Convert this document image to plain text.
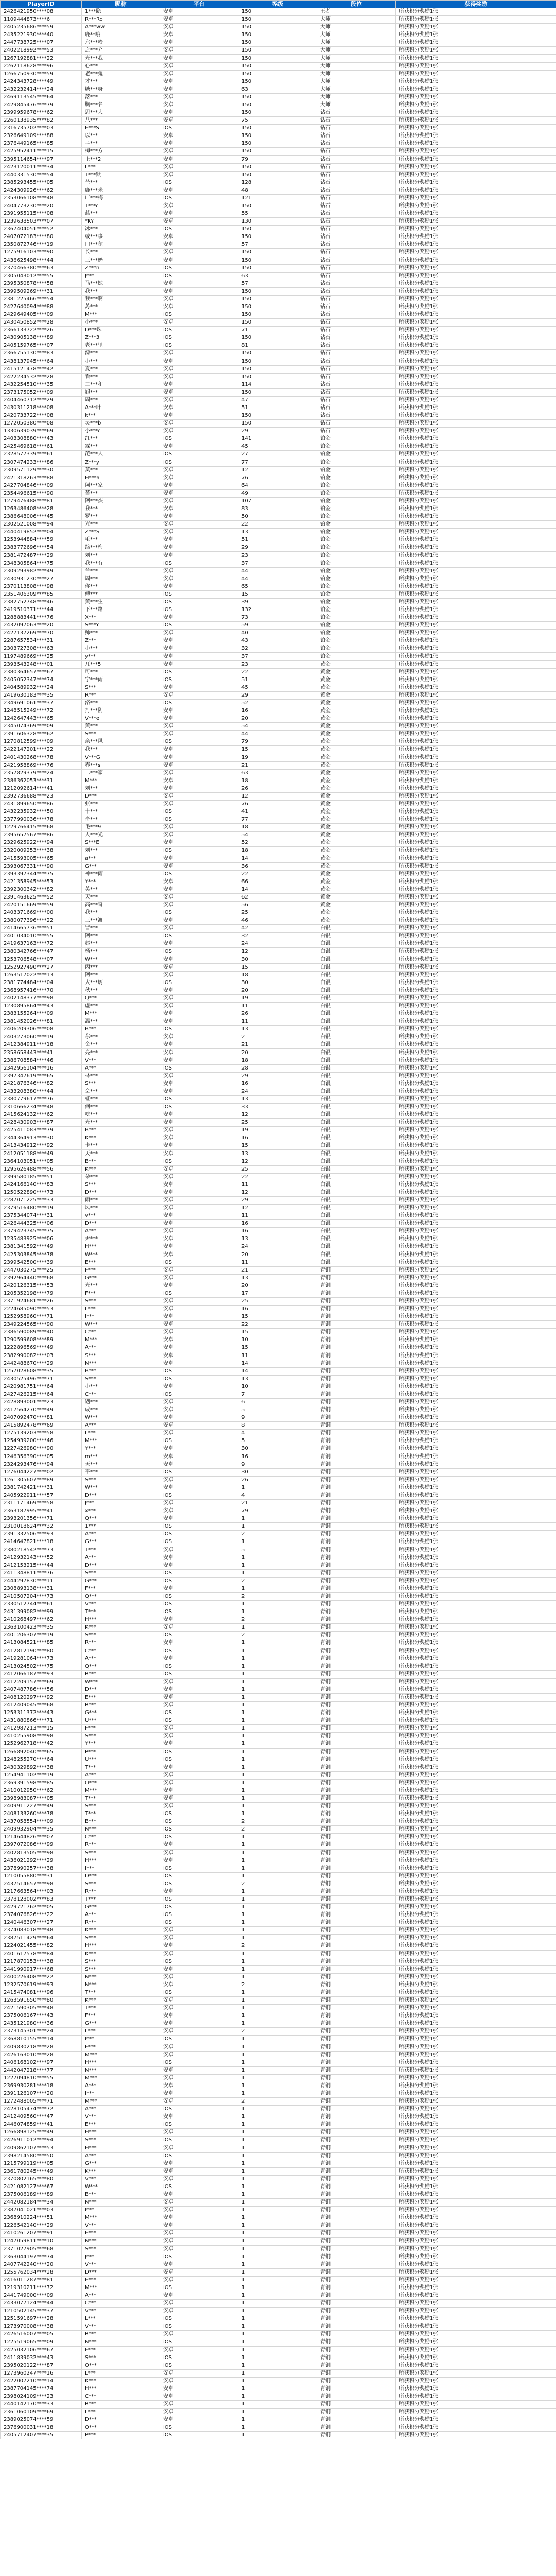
PlayerID	昵称	平台	等级	段位	获得奖励
2426421950****08	1***隐	安卓	150	王者	所获积分奖励1张
1109444873****6	R***Ro	安卓	150	大师	所获积分奖励1张
2405235686****59	A***ww	安卓	150	大师	所获积分奖励1张
2435221930****40	鹿**哦	安卓	150	大师	所获积分奖励1张
2447738725****07	六***哈	安卓	150	大师	所获积分奖励1张
2402218992****53	之***介	安卓	150	大师	所获积分奖励1张
1267192881****22	光***我	安卓	150	大师	所获积分奖励1张
2262118628****96	心***	安卓	150	大师	所获积分奖励1张
1266750930****59	老***兔	安卓	150	大师	所获积分奖励1张
2424343728****49	才***	安卓	150	大师	所获积分奖励1张
2432232414****24	糖***呀	安卓	63	大师	所获积分奖励1张
2469113545****64	落***	安卓	150	大师	所获积分奖励1张
2429845476****79	胸***名	安卓	150	大师	所获积分奖励1张
2399959678****62	思***大	安卓	150	钻石	所获积分奖励1张
2260138935****82	八***	安卓	75	钻石	所获积分奖励1张
2316735702****03	E***S	iOS	150	钻石	所获积分奖励1张
2326649109****88	以***	安卓	150	钻石	所获积分奖励1张
2376449165****85	ニ***	安卓	150	钻石	所获积分奖励1张
2425952411****15	梅***方	安卓	150	钻石	所获积分奖励1张
2395114654****97	上***2	安卓	79	钻石	所获积分奖励1张
2423120011****34	L***	安卓	150	钻石	所获积分奖励1张
2440331530****54	T***默	安卓	150	钻石	所获积分奖励1张
2385293455****05	芒***	iOS	128	钻石	所获积分奖励1张
2424309926****62	鹿***米	安卓	48	钻石	所获积分奖励1张
2353066108****48	广***梅	iOS	121	钻石	所获积分奖励1张
2404773230****20	T***c	安卓	150	钻石	所获积分奖励1张
2391955115****08	蓝***	安卓	55	钻石	所获积分奖励1张
1239638503****07	*KY	安卓	130	钻石	所获积分奖励1张
2367404051****52	冰***	iOS	150	钻石	所获积分奖励1张
2407072183****80	或***事	安卓	150	钻石	所获积分奖励1张
2350872746****19	口***尔	安卓	57	钻石	所获积分奖励1张
1275916103****90	长***	安卓	150	钻石	所获积分奖励1张
2436625498****44	三***奶	安卓	150	钻石	所获积分奖励1张
2370466380****63	Z***n	iOS	150	钻石	所获积分奖励1张
2305043012****55	J***	iOS	63	钻石	所获积分奖励1张
2395350878****58	马***她	安卓	57	钻石	所获积分奖励1张
2399509269****31	我***	安卓	150	钻石	所获积分奖励1张
2381225466****54	我***啊	安卓	150	钻石	所获积分奖励1张
2427640094****88	苏***	安卓	150	钻石	所获积分奖励1张
2429649405****09	M***	iOS	150	钻石	所获积分奖励1张
2430450852****28	小***	安卓	150	钻石	所获积分奖励1张
2366133722****26	D***珠	iOS	71	钻石	所获积分奖励1张
2430905138****89	Z***3	iOS	150	钻石	所获积分奖励1张
2405159765****07	老***里	iOS	81	钻石	所获积分奖励1张
2366755130****83	漂***	安卓	150	钻石	所获积分奖励1张
2438137945****64	小***	安卓	150	钻石	所获积分奖励1张
2415121478****42	夏***	安卓	150	钻石	所获积分奖励1张
2422234532****28	看***	安卓	150	钻石	所获积分奖励1张
2432254510****35	二***和	安卓	114	钻石	所获积分奖励1张
2373175052****09	旭***	安卓	150	钻石	所获积分奖励1张
2404460712****29	周***	安卓	47	钻石	所获积分奖励1张
2430311218****08	A***叶	安卓	51	钻石	所获积分奖励1张
2420733722****08	k***	安卓	150	钻石	所获积分奖励1张
1272050380****08	灵***b	安卓	150	钻石	所获积分奖励1张
1330639039****69	小***c	安卓	29	钻石	所获积分奖励1张
2403308880****43	红***	iOS	141	铂金	所获积分奖励1张
2425469618****61	霖***	安卓	45	铂金	所获积分奖励1张
2328577339****61	范***人	iOS	27	铂金	所获积分奖励1张
2307474233****86	Z***y	iOS	77	铂金	所获积分奖励1张
2309571129****30	莫***	安卓	12	铂金	所获积分奖励1张
2421318263****88	H***a	安卓	76	铂金	所获积分奖励1张
2427704846****09	阿***家	安卓	64	铂金	所获积分奖励1张
2354496615****90	苦***	安卓	49	铂金	所获积分奖励1张
1279476488****81	阿***杰	安卓	107	铂金	所获积分奖励1张
1263486408****28	我***	安卓	83	铂金	所获积分奖励1张
2386648006****45	罗***	安卓	50	铂金	所获积分奖励1张
2302521008****94	光***	安卓	22	铂金	所获积分奖励1张
2440419852****04	Z***S	安卓	13	铂金	所获积分奖励1张
1253944884****59	毛***	安卓	51	铂金	所获积分奖励1张
2383772696****54	路***梅	安卓	29	铂金	所获积分奖励1张
2381472487****29	刘***	安卓	23	铂金	所获积分奖励1张
2348305864****75	我***有	iOS	37	铂金	所获积分奖励1张
2309293982****49	兰***	安卓	44	铂金	所获积分奖励1张
2430931230****27	周***	安卓	44	铂金	所获积分奖励1张
2370113808****98	你***	安卓	65	铂金	所获积分奖励1张
2351406309****85	傅***	iOS	15	铂金	所获积分奖励1张
2382752748****46	黄***生	iOS	39	铂金	所获积分奖励1张
2419510371****44	下***路	iOS	132	铂金	所获积分奖励1张
1288883441****76	X***	安卓	73	铂金	所获积分奖励1张
2432097063****20	S***Y	iOS	59	铂金	所获积分奖励1张
2427137269****70	帅***	安卓	40	铂金	所获积分奖励1张
2287657534****31	Z***	安卓	43	铂金	所获积分奖励1张
2303727308****63	小***	安卓	32	铂金	所获积分奖励1张
1197489669****25	y***	安卓	37	铂金	所获积分奖励1张
2393543248****01	兀***5	安卓	23	黄金	所获积分奖励1张
2380364657****67	可***	iOS	22	黄金	所获积分奖励1张
2405052347****74	宁***雨	iOS	51	黄金	所获积分奖励1张
2404589932****24	S***	安卓	45	黄金	所获积分奖励1张
2419630183****35	R***	安卓	29	黄金	所获积分奖励1张
2349691061****37	洛***	iOS	52	黄金	所获积分奖励1张
1248515249****72	打***阴	安卓	16	黄金	所获积分奖励1张
1242647443****65	V***e	安卓	20	黄金	所获积分奖励1张
2345074369****09	黄***	安卓	54	黄金	所获积分奖励1张
2391606328****62	S***	安卓	44	黄金	所获积分奖励1张
1270812599****09	亲***风	iOS	79	黄金	所获积分奖励1张
2422147201****22	我***	安卓	15	黄金	所获积分奖励1张
2401430268****78	V***G	安卓	19	黄金	所获积分奖励1张
2421958869****76	春***s	安卓	21	黄金	所获积分奖励1张
2357829379****24	二***家	安卓	63	黄金	所获积分奖励1张
2386362053****31	M***	安卓	18	黄金	所获积分奖励1张
1212092614****41	刘***	安卓	26	黄金	所获积分奖励1张
2392736688****23	D***	安卓	12	黄金	所获积分奖励1张
2431899650****86	张***	安卓	76	黄金	所获积分奖励1张
2432235932****50	十***	iOS	41	黄金	所获积分奖励1张
2377990036****78	奇***	iOS	77	黄金	所获积分奖励1张
1229766415****68	毛***9	安卓	18	黄金	所获积分奖励1张
2395657567****86	人***光	安卓	54	黄金	所获积分奖励1张
2329625922****94	S***E	安卓	52	黄金	所获积分奖励1张
2320009253****38	刘***	iOS	18	黄金	所获积分奖励1张
2415593005****65	a***	安卓	14	黄金	所获积分奖励1张
2393067331****90	G***	安卓	36	黄金	所获积分奖励1张
2393397344****75	神***雨	iOS	22	黄金	所获积分奖励1张
2421358945****53	Y***	安卓	66	黄金	所获积分奖励1张
2392300342****82	英***	安卓	14	黄金	所获积分奖励1张
2391463625****52	天***	安卓	62	黄金	所获积分奖励1张
2420151669****59	高***奇	安卓	56	黄金	所获积分奖励1张
2403371669****00	我***	iOS	25	黄金	所获积分奖励1张
2380077396****22	三***渡	安卓	46	黄金	所获积分奖励1张
2414665736****51	冒***	安卓	42	白银	所获积分奖励1张
2401034010****55	阿***	iOS	32	白银	所获积分奖励1张
2419637163****72	赵***	安卓	24	白银	所获积分奖励1张
2380342766****47	杨***	iOS	12	白银	所获积分奖励1张
1253706548****07	W***	安卓	30	白银	所获积分奖励1张
1252927490****27	丙***	安卓	15	白银	所获积分奖励1张
1263517022****13	阿***	安卓	18	白银	所获积分奖励1张
2381774484****04	大***厨	iOS	30	白银	所获积分奖励1张
2368957416****70	秋***	安卓	20	白银	所获积分奖励1张
2402148377****98	Q***	安卓	19	白银	所获积分奖励1张
1230895864****43	虚***	安卓	11	白银	所获积分奖励1张
2383155264****09	M***	安卓	26	白银	所获积分奖励1张
2381452026****81	温***	安卓	11	白银	所获积分奖励1张
2406209306****08	B***	iOS	13	白银	所获积分奖励1张
2403273060****19	东***	安卓	2	白银	所获积分奖励1张
2412384911****18	金***	安卓	21	白银	所获积分奖励1张
2358658443****41	亮***	安卓	20	白银	所获积分奖励1张
2386708584****46	V***	安卓	18	白银	所获积分奖励1张
2342956104****16	A***	iOS	28	白银	所获积分奖励1张
2397347619****65	林***	安卓	29	白银	所获积分奖励1张
2421876346****82	S***	安卓	16	白银	所获积分奖励1张
2433208380****44	会***	安卓	24	白银	所获积分奖励1张
2380779617****76	虹***	iOS	13	白银	所获积分奖励1张
2310666234****48	何***	iOS	33	白银	所获积分奖励1张
2415624132****62	吃***	安卓	12	白银	所获积分奖励1张
2428430903****87	光***	安卓	25	白银	所获积分奖励1张
2425411083****79	B***	安卓	19	白银	所获积分奖励1张
2344364913****30	K***	安卓	16	白银	所获积分奖励1张
2413434912****92	卡***	安卓	15	白银	所获积分奖励1张
2412051188****49	天***	安卓	13	白银	所获积分奖励1张
2364103051****05	B***	iOS	12	白银	所获积分奖励1张
1295626488****56	K***	安卓	25	白银	所获积分奖励1张
2399580185****51	朵***	安卓	22	白银	所获积分奖励1张
2424166140****83	S***	安卓	11	白银	所获积分奖励1张
1250522890****73	D***	安卓	12	白银	所获积分奖励1张
2287071225****33	雨***	安卓	29	白银	所获积分奖励1张
2379516480****19	风***	安卓	12	白银	所获积分奖励1张
2375344074****31	v***	安卓	11	白银	所获积分奖励1张
2426444325****06	D***	安卓	16	白银	所获积分奖励1张
2379423745****75	A***	安卓	16	白银	所获积分奖励1张
1235483925****06	尹***	安卓	13	白银	所获积分奖励1张
2381341592****49	H***	安卓	24	白银	所获积分奖励1张
2425303845****78	W***	安卓	20	白银	所获积分奖励1张
2399542500****39	E***	iOS	11	白银	所获积分奖励1张
2447030275****25	F***	安卓	21	青铜	所获积分奖励1张
2392964440****68	G***	安卓	13	青铜	所获积分奖励1张
2420126315****53	光***	安卓	20	青铜	所获积分奖励1张
1205352198****79	F***	iOS	17	青铜	所获积分奖励1张
2371924681****26	S***	安卓	25	青铜	所获积分奖励1张
2224685090****53	L***	安卓	16	青铜	所获积分奖励1张
1252958960****71	I***	安卓	15	青铜	所获积分奖励1张
2349224565****90	W***	安卓	22	青铜	所获积分奖励1张
2386590089****40	C***	安卓	15	青铜	所获积分奖励1张
1290599608****89	M***	安卓	10	青铜	所获积分奖励1张
1222896569****49	A***	安卓	15	青铜	所获积分奖励1张
2382990082****03	S***	安卓	11	青铜	所获积分奖励1张
2442488670****29	N***	安卓	14	青铜	所获积分奖励1张
1257028608****35	B***	iOS	14	青铜	所获积分奖励1张
2430525496****71	S***	iOS	13	青铜	所获积分奖励1张
2420981751****64	小***	安卓	10	青铜	所获积分奖励1张
2427426215****64	C***	iOS	7	青铜	所获积分奖励1张
2428893001****23	遇***	安卓	6	青铜	所获积分奖励1张
2417564270****49	成***	安卓	5	青铜	所获积分奖励1张
2407092470****81	W***	安卓	9	青铜	所获积分奖励1张
2415892478****69	A***	安卓	8	青铜	所获积分奖励1张
1275139203****58	L***	安卓	4	青铜	所获积分奖励1张
1254939200****46	M***	iOS	5	青铜	所获积分奖励1张
1227426980****90	Y***	安卓	30	青铜	所获积分奖励1张
1246356390****05	m***	安卓	16	青铜	所获积分奖励1张
2324293476****94	天***	安卓	9	青铜	所获积分奖励1张
1276044227****02	平***	iOS	30	青铜	所获积分奖励1张
1261305607****89	S***	安卓	26	青铜	所获积分奖励1张
2381742421****31	W***	安卓	1	青铜	所获积分奖励1张
2405922911****57	D***	iOS	4	青铜	所获积分奖励1张
2311171469****58	J***	安卓	21	青铜	所获积分奖励1张
2363187995****41	x***	安卓	79	青铜	所获积分奖励1张
2393201356****71	Q***	安卓	1	青铜	所获积分奖励1张
2310018624****32	1***	iOS	1	青铜	所获积分奖励1张
2391332506****93	A***	iOS	2	青铜	所获积分奖励1张
2414647821****18	G***	iOS	1	青铜	所获积分奖励1张
2380218542****73	T***	安卓	5	青铜	所获积分奖励1张
2412932143****52	A***	安卓	1	青铜	所获积分奖励1张
2412153215****44	D***	安卓	1	青铜	所获积分奖励1张
2411348811****76	S***	iOS	1	青铜	所获积分奖励1张
2444297830****11	G***	iOS	2	青铜	所获积分奖励1张
2308893138****31	F***	安卓	1	青铜	所获积分奖励1张
2410507204****73	Q***	iOS	2	青铜	所获积分奖励1张
2330512744****61	V***	iOS	1	青铜	所获积分奖励1张
2431399082****99	T***	iOS	1	青铜	所获积分奖励1张
2410268497****62	H***	安卓	2	青铜	所获积分奖励1张
2363100423****35	K***	安卓	1	青铜	所获积分奖励1张
2401206307****19	S***	iOS	2	青铜	所获积分奖励1张
2413084521****85	R***	安卓	1	青铜	所获积分奖励1张
2412812190****80	C***	iOS	1	青铜	所获积分奖励1张
2419281064****73	A***	安卓	1	青铜	所获积分奖励1张
2413024502****75	Q***	iOS	1	青铜	所获积分奖励1张
2412066187****93	R***	iOS	1	青铜	所获积分奖励1张
2412209157****69	W***	安卓	1	青铜	所获积分奖励1张
2407487786****56	D***	安卓	1	青铜	所获积分奖励1张
2408120297****92	E***	安卓	1	青铜	所获积分奖励1张
2412409045****68	R***	安卓	1	青铜	所获积分奖励1张
1253311372****43	G***	iOS	1	青铜	所获积分奖励1张
2431880866****71	U***	iOS	1	青铜	所获积分奖励1张
2412987213****15	F***	安卓	1	青铜	所获积分奖励1张
2410255908****98	S***	安卓	1	青铜	所获积分奖励1张
1252962718****42	Y***	安卓	1	青铜	所获积分奖励1张
1266892040****65	P***	iOS	1	青铜	所获积分奖励1张
1248255270****64	U***	iOS	1	青铜	所获积分奖励1张
2430329892****38	T***	安卓	1	青铜	所获积分奖励1张
1254941102****19	A***	安卓	1	青铜	所获积分奖励1张
2369391598****85	O***	安卓	1	青铜	所获积分奖励1张
2410012950****62	M***	安卓	1	青铜	所获积分奖励1张
2398983087****05	T***	安卓	1	青铜	所获积分奖励1张
2409911227****49	S***	安卓	1	青铜	所获积分奖励1张
2408133260****78	T***	iOS	1	青铜	所获积分奖励1张
2437058554****09	B***	iOS	2	青铜	所获积分奖励1张
2409932904****35	N***	iOS	2	青铜	所获积分奖励1张
1214644826****07	C***	iOS	1	青铜	所获积分奖励1张
2397072086****99	R***	安卓	1	青铜	所获积分奖励1张
2402813505****98	S***	安卓	1	青铜	所获积分奖励1张
2436021292****29	H***	安卓	1	青铜	所获积分奖励1张
2378990257****38	I***	iOS	1	青铜	所获积分奖励1张
1210055880****31	D***	iOS	1	青铜	所获积分奖励1张
2437514657****98	S***	iOS	2	青铜	所获积分奖励1张
1217663564****03	R***	安卓	1	青铜	所获积分奖励1张
2378128002****83	T***	iOS	1	青铜	所获积分奖励1张
2429721762****05	G***	iOS	1	青铜	所获积分奖励1张
2374076826****22	A***	iOS	1	青铜	所获积分奖励1张
1240446307****27	R***	iOS	1	青铜	所获积分奖励1张
2374083018****48	K***	安卓	1	青铜	所获积分奖励1张
2387511429****64	S***	安卓	1	青铜	所获积分奖励1张
1224021455****82	H***	安卓	2	青铜	所获积分奖励1张
2401617578****84	K***	安卓	1	青铜	所获积分奖励1张
1217870153****38	S***	iOS	1	青铜	所获积分奖励1张
2441990917****68	S***	安卓	1	青铜	所获积分奖励1张
2400226408****22	N***	安卓	1	青铜	所获积分奖励1张
1232570619****93	N***	安卓	2	青铜	所获积分奖励1张
2415474081****96	T***	iOS	1	青铜	所获积分奖励1张
1263591650****80	K***	安卓	1	青铜	所获积分奖励1张
2421590305****48	T***	安卓	1	青铜	所获积分奖励1张
2375006167****43	F***	安卓	1	青铜	所获积分奖励1张
2435121980****36	G***	安卓	1	青铜	所获积分奖励1张
2373145301****24	L***	安卓	2	青铜	所获积分奖励1张
2368810155****14	I***	iOS	1	青铜	所获积分奖励1张
2409830218****28	F***	安卓	1	青铜	所获积分奖励1张
2426163010****28	M***	安卓	1	青铜	所获积分奖励1张
2406168102****97	H***	iOS	1	青铜	所获积分奖励1张
2442047218****77	N***	安卓	1	青铜	所获积分奖励1张
1227094810****55	M***	安卓	1	青铜	所获积分奖励1张
2369930281****18	A***	安卓	1	青铜	所获积分奖励1张
2391126107****20	I***	安卓	1	青铜	所获积分奖励1张
1272488005****71	M***	安卓	2	青铜	所获积分奖励1张
2428105474****72	A***	iOS	1	青铜	所获积分奖励1张
2412409560****47	V***	安卓	1	青铜	所获积分奖励1张
2446074859****41	E***	iOS	1	青铜	所获积分奖励1张
1266898125****49	H***	安卓	1	青铜	所获积分奖励1张
2426911012****94	S***	iOS	1	青铜	所获积分奖励1张
2409862107****53	H***	安卓	1	青铜	所获积分奖励1张
2398214580****50	A***	iOS	1	青铜	所获积分奖励1张
1215799119****05	G***	安卓	1	青铜	所获积分奖励1张
2361780245****49	K***	安卓	1	青铜	所获积分奖励1张
2370802165****80	V***	安卓	1	青铜	所获积分奖励1张
2421082127****67	W***	iOS	1	青铜	所获积分奖励1张
2375006189****89	B***	安卓	1	青铜	所获积分奖励1张
2442082184****34	N***	安卓	1	青铜	所获积分奖励1张
2387041021****03	I***	安卓	1	青铜	所获积分奖励1张
2368910224****51	M***	安卓	1	青铜	所获积分奖励1张
1226542140****29	V***	安卓	1	青铜	所获积分奖励1张
2410261207****91	E***	安卓	1	青铜	所获积分奖励1张
1247059811****10	N***	安卓	1	青铜	所获积分奖励1张
2371027905****68	S***	安卓	1	青铜	所获积分奖励1张
2363044197****74	J***	iOS	1	青铜	所获积分奖励1张
2407742240****20	V***	安卓	1	青铜	所获积分奖励1张
1255762034****28	D***	安卓	1	青铜	所获积分奖励1张
2416011287****81	E***	安卓	1	青铜	所获积分奖励1张
1219310211****72	M***	iOS	1	青铜	所获积分奖励1张
2441749000****09	A***	安卓	1	青铜	所获积分奖励1张
2433077124****44	C***	安卓	1	青铜	所获积分奖励1张
1210502145****37	V***	安卓	1	青铜	所获积分奖励1张
1251591697****28	L***	iOS	1	青铜	所获积分奖励1张
1273970008****38	V***	iOS	1	青铜	所获积分奖励1张
2426516007****05	R***	安卓	1	青铜	所获积分奖励1张
1225519065****09	N***	iOS	1	青铜	所获积分奖励1张
2425032106****67	F***	安卓	1	青铜	所获积分奖励1张
2411839032****43	S***	iOS	1	青铜	所获积分奖励1张
2395020122****87	O***	iOS	1	青铜	所获积分奖励1张
1273960247****16	L***	安卓	1	青铜	所获积分奖励1张
2422007210****14	K***	安卓	1	青铜	所获积分奖励1张
2387704145****74	H***	安卓	1	青铜	所获积分奖励1张
2398024109****23	C***	安卓	1	青铜	所获积分奖励1张
2440142170****33	R***	安卓	1	青铜	所获积分奖励1张
2361060109****69	L***	安卓	1	青铜	所获积分奖励1张
2389025074****59	D***	安卓	1	青铜	所获积分奖励1张
2376900031****18	O***	iOS	1	青铜	所获积分奖励1张
2405712407****35	P***	iOS	1	青铜	所获积分奖励1张
